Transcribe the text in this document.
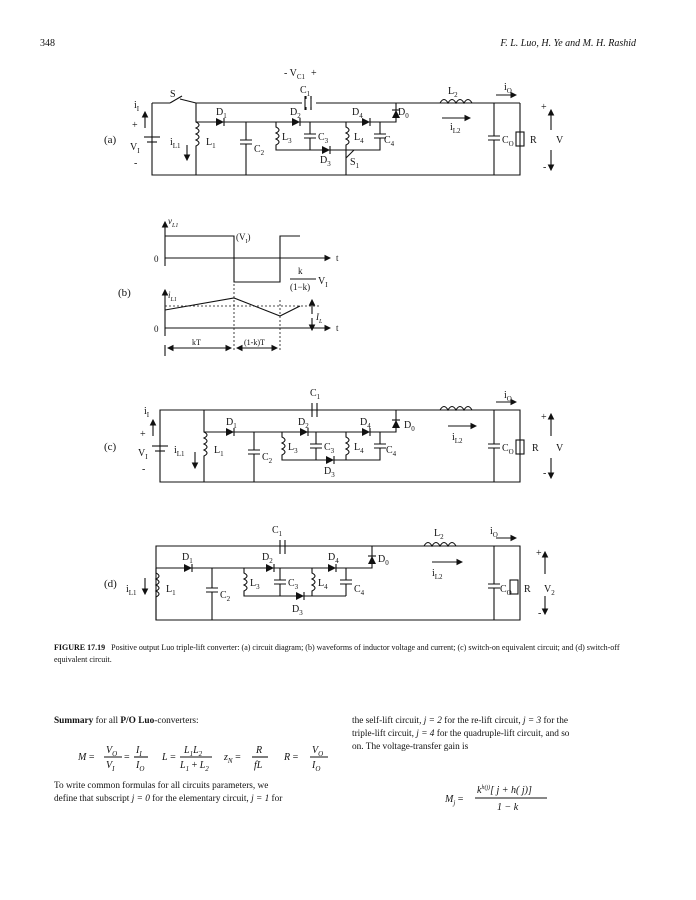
348	F. L. Luo, H. Ye and M. H. Rashid
(a)
- $V_{C1}$ +
$C_1$
S
$i_I$
+
$V_I$
-
$i_{L1}$	$L_1$
$D_1$
$C_2$
$D_2$
$L_3$	$C_3$
$D_4$
$L_4$ $C_4$
$D_0$
$D_3$ $S_1$
$L_2$
$i_O$
$i_{L2}$
$C_O$ R
+
V
-
(b)
$v_{L1}$
$(V_I)$
0	t
k
(1−k) $V_I$
$i_{L1}$
0	t
$I_L$
kT	(1-k)T
(c)
$C_1$	$i_O$
$i_I$
$D_1$	$D_2$	$D_4$	$D_0$
$i_{L2}$
+
$V_I$
-
$i_{L1}$	$L_1$
$L_3$
$C_2$
$C_3$ $L_4$ $C_4$
$D_3$
$C_O$ R
+
V
-
(d)
$C_1$	$L_2$	$i_O$
$D_1$	$D_2$	$D_4$	$D_0$
$i_{L2}$
$i_{L1}$	$L_1$
$L_3$
$C_2$
$C_3$ $L_4$	$C_4$
$D_3$
$C_O$ R
+
$V_2$
-
FIGURE 17.19 Positive output Luo triple-lift converter: (a) circuit diagram; (b) waveforms of inductor voltage and current; (c) switch-on equivalent circuit; and (d) switch-off equivalent circuit.
Summary for all P/O Luo-converters:
M =
$V_O$
$V_I$
=
$I_I$
$I_O$
L =
$L_1L_2$
$L_1 + L_2$
$z_N$ =
R
fL
R =
$V_O$
$I_O$
To write common formulas for all circuits parameters, we
define that subscript j = 0 for the elementary circuit, j = 1 for
the self-lift circuit, j = 2 for the re-lift circuit, j = 3 for the
triple-lift circuit, j = 4 for the quadruple-lift circuit, and so
on. The voltage-transfer gain is
$M_j$ =
$k^{h(j)}$[ j + h( j)]
1 − k
